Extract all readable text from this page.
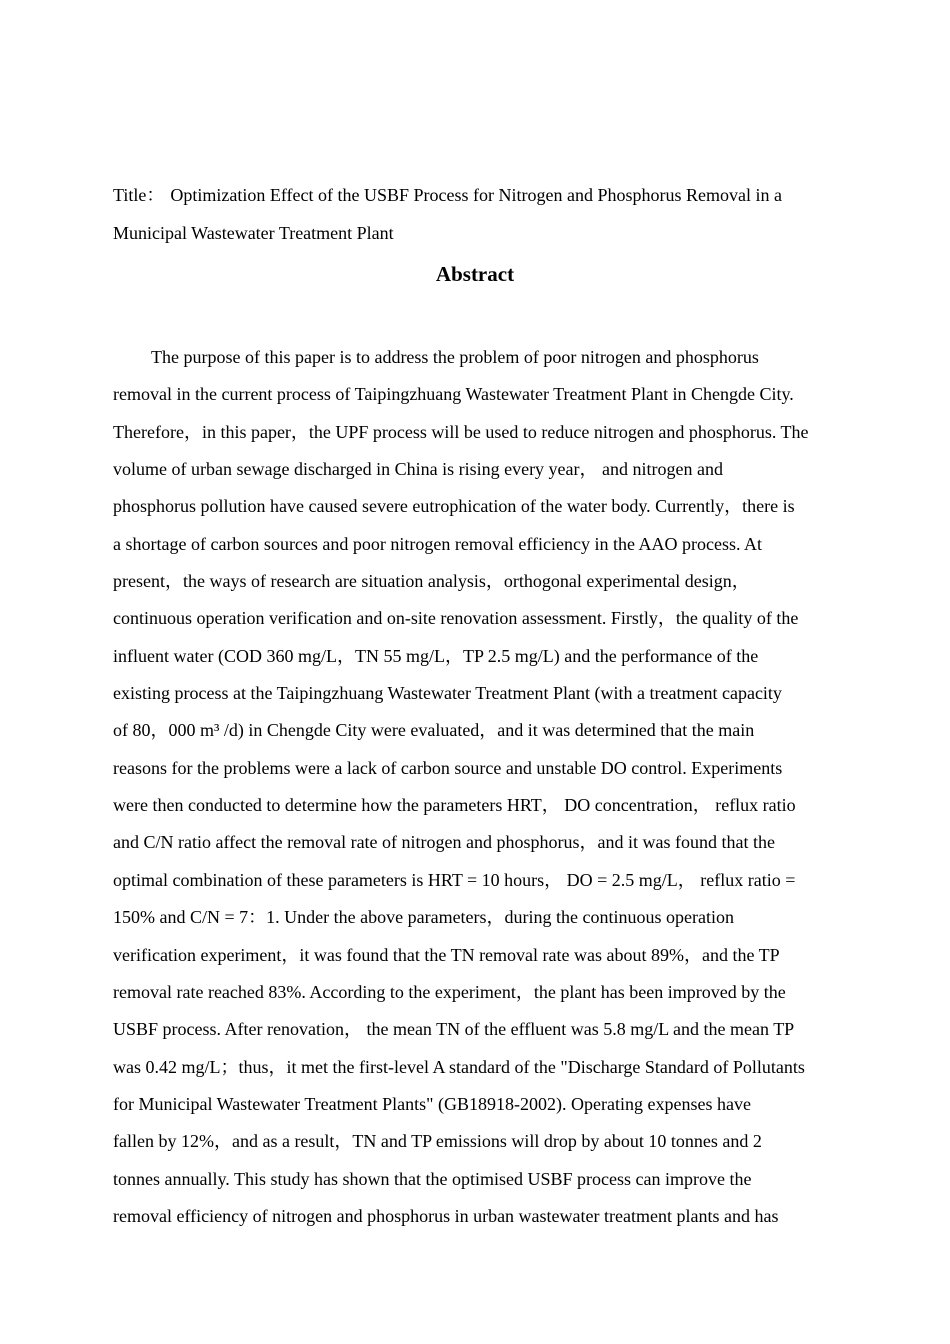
Title： Optimization Effect of the USBF Process for Nitrogen and Phosphorus Removal in a
Municipal Wastewater Treatment Plant
Abstract
The purpose of this paper is to address the problem of poor nitrogen and phosphorus
removal in the current process of Taipingzhuang Wastewater Treatment Plant in Chengde City.
Therefore，in this paper，the UPF process will be used to reduce nitrogen and phosphorus. The
volume of urban sewage discharged in China is rising every year， and nitrogen and
phosphorus pollution have caused severe eutrophication of the water body. Currently，there is
a shortage of carbon sources and poor nitrogen removal efficiency in the AAO process. At
present，the ways of research are situation analysis，orthogonal experimental design，
continuous operation verification and on-site renovation assessment. Firstly，the quality of the
influent water (COD 360 mg/L，TN 55 mg/L，TP 2.5 mg/L) and the performance of the
existing process at the Taipingzhuang Wastewater Treatment Plant (with a treatment capacity
of 80，000 m³ /d) in Chengde City were evaluated，and it was determined that the main
reasons for the problems were a lack of carbon source and unstable DO control. Experiments
were then conducted to determine how the parameters HRT， DO concentration， reflux ratio
and C/N ratio affect the removal rate of nitrogen and phosphorus，and it was found that the
optimal combination of these parameters is HRT = 10 hours， DO = 2.5 mg/L， reflux ratio =
150% and C/N = 7：1. Under the above parameters，during the continuous operation
verification experiment，it was found that the TN removal rate was about 89%，and the TP
removal rate reached 83%. According to the experiment，the plant has been improved by the
USBF process. After renovation， the mean TN of the effluent was 5.8 mg/L and the mean TP
was 0.42 mg/L；thus，it met the first-level A standard of the "Discharge Standard of Pollutants
for Municipal Wastewater Treatment Plants" (GB18918-2002). Operating expenses have
fallen by 12%，and as a result，TN and TP emissions will drop by about 10 tonnes and 2
tonnes annually. This study has shown that the optimised USBF process can improve the
removal efficiency of nitrogen and phosphorus in urban wastewater treatment plants and has
